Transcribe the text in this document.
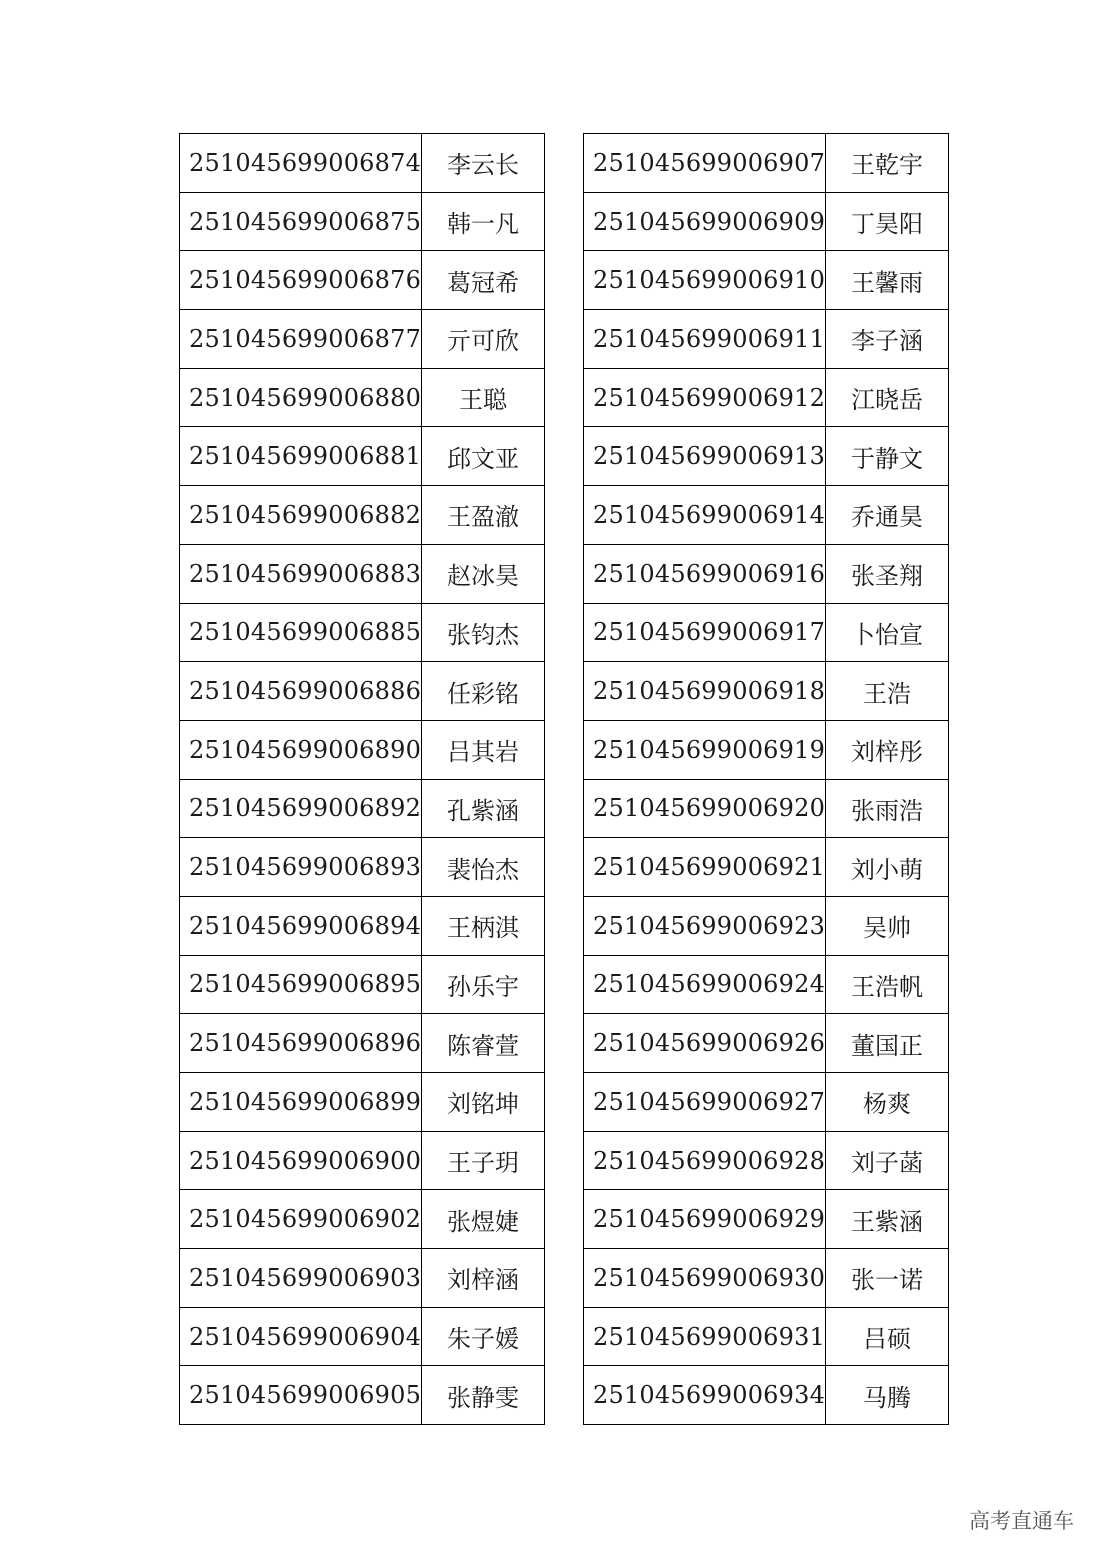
251045699006874	李云长
251045699006875	韩一凡
251045699006876	葛冠希
251045699006877	亓可欣
251045699006880	王聪
251045699006881	邱文亚
251045699006882	王盈澈
251045699006883	赵冰昊
251045699006885	张钧杰
251045699006886	任彩铭
251045699006890	吕其岩
251045699006892	孔紫涵
251045699006893	裴怡杰
251045699006894	王柄淇
251045699006895	孙乐宇
251045699006896	陈睿萱
251045699006899	刘铭坤
251045699006900	王子玥
251045699006902	张煜婕
251045699006903	刘梓涵
251045699006904	朱子媛
251045699006905	张静雯
251045699006907	王乾宇
251045699006909	丁昊阳
251045699006910	王馨雨
251045699006911	李子涵
251045699006912	江晓岳
251045699006913	于静文
251045699006914	乔通昊
251045699006916	张圣翔
251045699006917	卜怡宣
251045699006918	王浩
251045699006919	刘梓彤
251045699006920	张雨浩
251045699006921	刘小萌
251045699006923	吴帅
251045699006924	王浩帆
251045699006926	董国正
251045699006927	杨爽
251045699006928	刘子菡
251045699006929	王紫涵
251045699006930	张一诺
251045699006931	吕硕
251045699006934	马腾
高考直通车
